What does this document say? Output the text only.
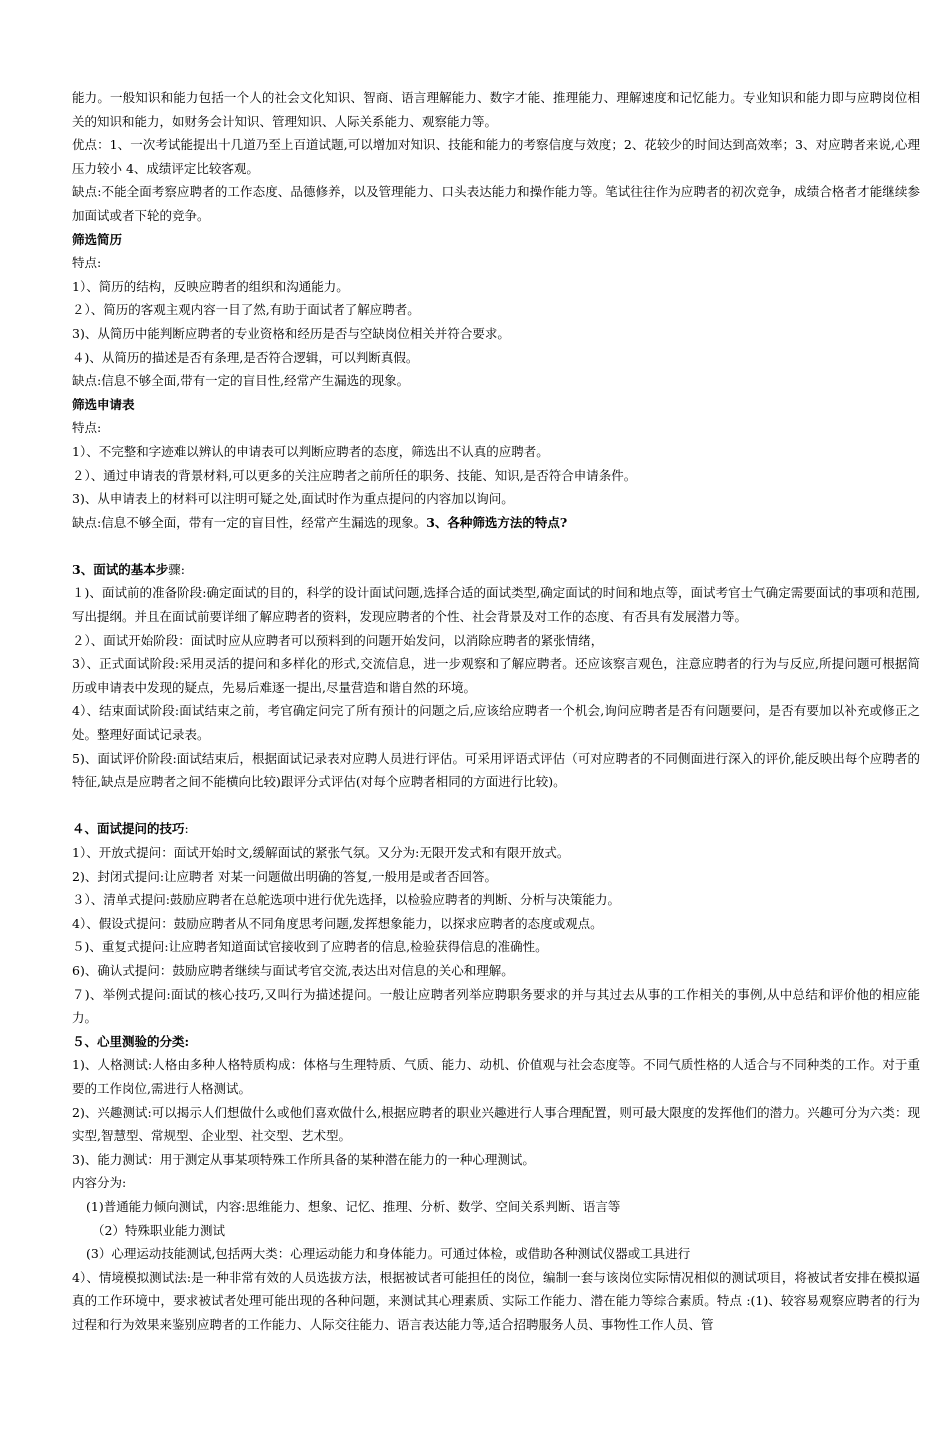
能力。一般知识和能力包括一个人的社会文化知识、智商、语言理解能力、数字才能、推理能力、理解速度和记忆能力。专业知识和能力即与应聘岗位相关的知识和能力，如财务会计知识、管理知识、人际关系能力、观察能力等。

优点：1、一次考试能提出十几道乃至上百道试题,可以增加对知识、技能和能力的考察信度与效度；2、花较少的时间达到高效率；3、对应聘者来说,心理压力较小 4、成绩评定比较客观。

缺点:不能全面考察应聘者的工作态度、品德修养，以及管理能力、口头表达能力和操作能力等。笔试往往作为应聘者的初次竞争，成绩合格者才能继续参加面试或者下轮的竞争。

筛选简历

特点:

1）、简历的结构，反映应聘者的组织和沟通能力。

２）、简历的客观主观内容一目了然,有助于面试者了解应聘者。

3)、从简历中能判断应聘者的专业资格和经历是否与空缺岗位相关并符合要求。

４)、从简历的描述是否有条理,是否符合逻辑，可以判断真假。

缺点:信息不够全面,带有一定的盲目性,经常产生漏选的现象。

筛选申请表

特点:

1）、不完整和字迹难以辨认的申请表可以判断应聘者的态度，筛选出不认真的应聘者。

２）、通过申请表的背景材料,可以更多的关注应聘者之前所任的职务、技能、知识,是否符合申请条件。

3)、从申请表上的材料可以注明可疑之处,面试时作为重点提问的内容加以询问。

缺点:信息不够全面，带有一定的盲目性，经常产生漏选的现象。3、各种筛选方法的特点?

3、面试的基本步骤:

１)、面试前的准备阶段:确定面试的目的，科学的设计面试问题,选择合适的面试类型,确定面试的时间和地点等，面试考官士气确定需要面试的事项和范围,写出提纲。并且在面试前要详细了解应聘者的资料，发现应聘者的个性、社会背景及对工作的态度、有否具有发展潜力等。

２）、面试开始阶段：面试时应从应聘者可以预料到的问题开始发问，以消除应聘者的紧张情绪，

3）、正式面试阶段:采用灵活的提问和多样化的形式,交流信息，进一步观察和了解应聘者。还应该察言观色，注意应聘者的行为与反应,所提问题可根据简历或申请表中发现的疑点，先易后难逐一提出,尽量营造和谐自然的环境。

4）、结束面试阶段:面试结束之前，考官确定问完了所有预计的问题之后,应该给应聘者一个机会,询问应聘者是否有问题要问，是否有要加以补充或修正之处。整理好面试记录表。

5)、面试评价阶段:面试结束后，根据面试记录表对应聘人员进行评估。可采用评语式评估（可对应聘者的不同侧面进行深入的评价,能反映出每个应聘者的特征,缺点是应聘者之间不能横向比较)跟评分式评估(对每个应聘者相同的方面进行比较)。

４、面试提问的技巧:

1）、开放式提问：面试开始时文,缓解面试的紧张气氛。又分为:无限开发式和有限开放式。

2)、封闭式提问:让应聘者 对某一问题做出明确的答复,一般用是或者否回答。

３）、清单式提问:鼓励应聘者在总舵选项中进行优先选择，以检验应聘者的判断、分析与决策能力。

4）、假设式提问：鼓励应聘者从不同角度思考问题,发挥想象能力，以探求应聘者的态度或观点。

５)、重复式提问:让应聘者知道面试官接收到了应聘者的信息,检验获得信息的准确性。

6)、确认式提问：鼓励应聘者继续与面试考官交流,表达出对信息的关心和理解。

７)、举例式提问:面试的核心技巧,又叫行为描述提问。一般让应聘者列举应聘职务要求的并与其过去从事的工作相关的事例,从中总结和评价他的相应能力。

５、心里测验的分类:

1)、人格测试:人格由多种人格特质构成：体格与生理特质、气质、能力、动机、价值观与社会态度等。不同气质性格的人适合与不同种类的工作。对于重要的工作岗位,需进行人格测试。

2)、兴趣测试:可以揭示人们想做什么或他们喜欢做什么,根据应聘者的职业兴趣进行人事合理配置，则可最大限度的发挥他们的潜力。兴趣可分为六类：现实型,智慧型、常规型、企业型、社交型、艺术型。

3)、能力测试：用于测定从事某项特殊工作所具备的某种潜在能力的一种心理测试。

内容分为:

(1)普通能力倾向测试，内容:思维能力、想象、记忆、推理、分析、数学、空间关系判断、语言等

（2）特殊职业能力测试

(3）心理运动技能测试,包括两大类：心理运动能力和身体能力。可通过体检，或借助各种测试仪器或工具进行

4）、情境模拟测试法:是一种非常有效的人员选拔方法，根据被试者可能担任的岗位，编制一套与该岗位实际情况相似的测试项目，将被试者安排在模拟逼真的工作环境中，要求被试者处理可能出现的各种问题，来测试其心理素质、实际工作能力、潜在能力等综合素质。特点 :(1)、较容易观察应聘者的行为过程和行为效果来鉴别应聘者的工作能力、人际交往能力、语言表达能力等,适合招聘服务人员、事物性工作人员、管
